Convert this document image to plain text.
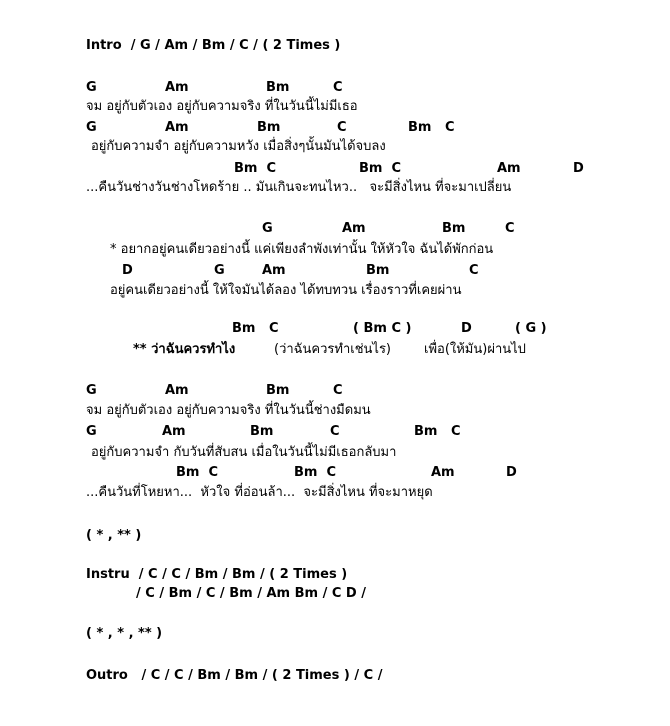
Intro  / G / Am / Bm / C / ( 2 Times )
G	Am	Bm	C
จม อยู่กับตัวเอง อยู่กับความจริง ที่ในวันนี้ไม่มีเธอ
G	Am	Bm	C	Bm   C
อยู่กับความจำ อยู่กับความหวัง เมื่อสิ่งๆนั้นมันได้จบลง
Bm  C	Bm  C	Am	D
...คืนวันช่างวันช่างโหดร้าย .. มันเกินจะทนไหว..   จะมีสิ่งไหน ที่จะมาเปลี่ยน
G	Am	Bm	C
* อยากอยู่คนเดียวอย่างนี้ แค่เพียงลำพังเท่านั้น ให้หัวใจ ฉันได้พักก่อน
D	G	Am	Bm	C
อยู่คนเดียวอย่างนี้ ให้ใจมันได้ลอง ได้ทบทวน เรื่องราวที่เคยผ่าน
Bm   C	( Bm C )	D	( G )
** ว่าฉันควรทำไง	(ว่าฉันควรทำเช่นไร)	เพื่อ(ให้มัน)ผ่านไป
G	Am	Bm	C
จม อยู่กับตัวเอง อยู่กับความจริง ที่ในวันนี้ช่างมืดมน
G	Am	Bm	C	Bm   C
อยู่กับความจำ กับวันที่สับสน เมื่อในวันนี้ไม่มีเธอกลับมา
Bm  C	Bm  C	Am	D
...คืนวันที่โหยหา...  หัวใจ ที่อ่อนล้า...  จะมีสิ่งไหน ที่จะมาหยุด
( * , ** )
Instru  / C / C / Bm / Bm / ( 2 Times )
/ C / Bm / C / Bm / Am Bm / C D /
( * , * , ** )
Outro   / C / C / Bm / Bm / ( 2 Times ) / C /
